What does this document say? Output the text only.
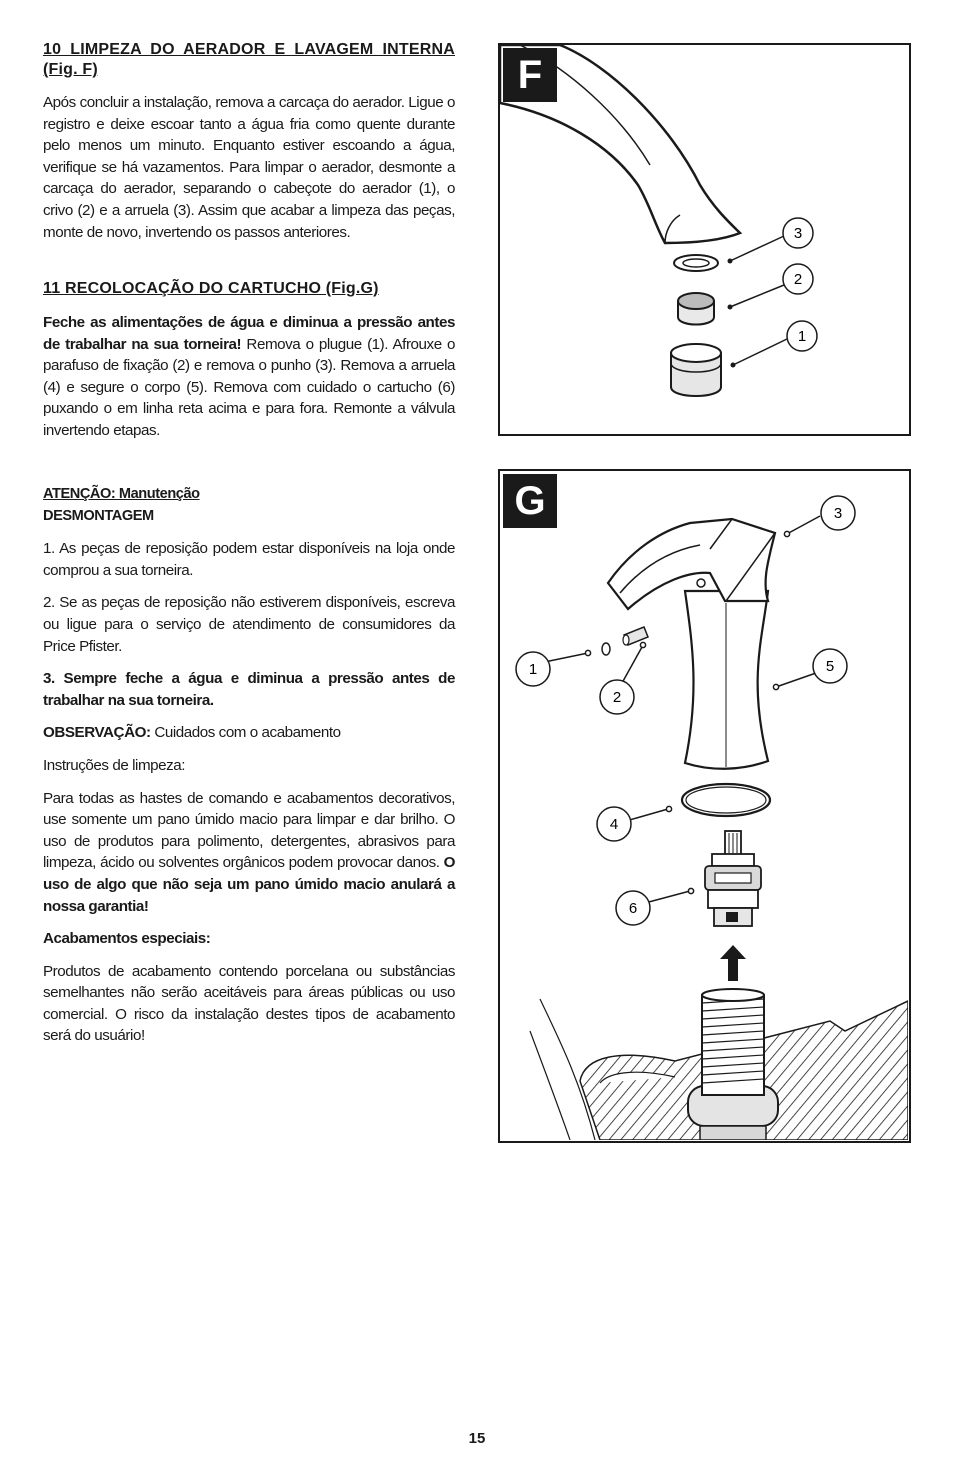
10 LIMPEZA DO AERADOR E LAVAGEM INTERNA (Fig. F)

Após concluir a instalação, remova a carcaça do aerador. Ligue o registro e deixe escoar tanto a água fria como quente durante pelo menos um minuto. Enquanto estiver escoando a água, verifique se há vazamentos. Para limpar o aerador, desmonte a carcaça do aerador, separando o cabeçote do aerador (1), o crivo (2) e a arruela (3). Assim que acabar a limpeza das peças, monte de novo, invertendo os passos anteriores.

11 RECOLOCAÇÃO DO CARTUCHO (Fig.G)

Feche as alimentações de água e diminua a pressão antes de trabalhar na sua torneira! Remova o plugue (1). Afrouxe o parafuso de fixação (2) e remova o punho (3). Remova a arruela (4) e segure o corpo (5). Remova com cuidado o cartucho (6) puxando o em linha reta acima e para fora. Remonte a válvula invertendo etapas.

ATENÇÃO: Manutenção
DESMONTAGEM

1. As peças de reposição podem estar disponíveis na loja onde comprou a sua torneira.

2. Se as peças de reposição não estiverem disponíveis, escreva ou ligue para o serviço de atendimento de consumidores da Price Pfister.

3. Sempre feche a água e diminua a pressão antes de trabalhar na sua torneira.

OBSERVAÇÃO: Cuidados com o acabamento

Instruções de limpeza:

Para todas as hastes de comando e acabamentos decorativos, use somente um pano úmido macio para limpar e dar brilho. O uso de produtos para polimento, detergentes, abrasivos para limpeza, ácido ou solventes orgânicos podem provocar danos. O uso de algo que não seja um pano úmido macio anulará a nossa garantia!

Acabamentos especiais:

Produtos de acabamento contendo porcelana ou substâncias semelhantes não serão aceitáveis para áreas públicas ou uso comercial. O risco da instalação destes tipos de acabamento será do usuário!

3
2
1
F
3
1	5
2
4
6
G
15
